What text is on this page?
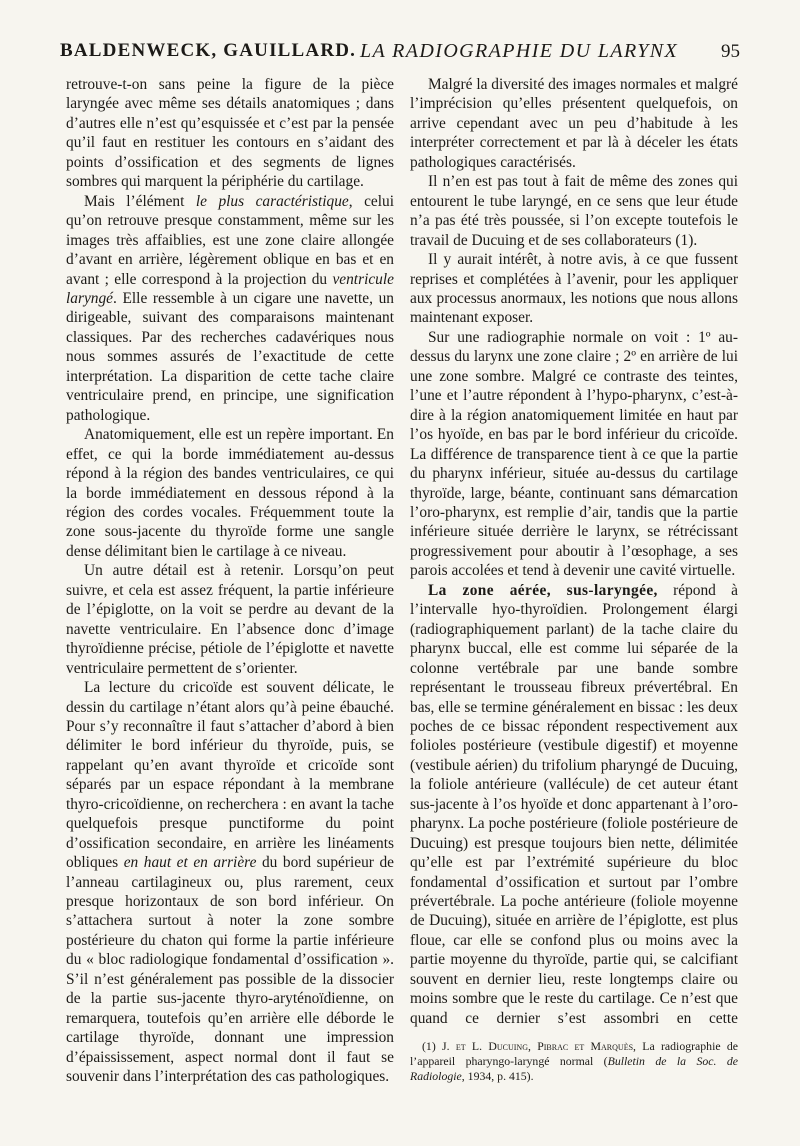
BALDENWECK, GAUILLARD. LA RADIOGRAPHIE DU LARYNX 95

retrouve-t-on sans peine la figure de la pièce laryngée avec même ses détails anatomiques ; dans d’autres elle n’est qu’esquissée et c’est par la pensée qu’il faut en restituer les contours en s’aidant des points d’ossification et des segments de lignes sombres qui marquent la périphérie du cartilage.

Mais l’élément le plus caractéristique, celui qu’on retrouve presque constamment, même sur les images très affaiblies, est une zone claire allongée d’avant en arrière, légèrement oblique en bas et en avant ; elle correspond à la projection du ventricule laryngé. Elle ressemble à un cigare une navette, un dirigeable, suivant des comparaisons maintenant classiques. Par des recherches cadavériques nous nous sommes assurés de l’exactitude de cette interprétation. La disparition de cette tache claire ventriculaire prend, en principe, une signification pathologique.

Anatomiquement, elle est un repère important. En effet, ce qui la borde immédiatement au-dessus répond à la région des bandes ventriculaires, ce qui la borde immédiatement en dessous répond à la région des cordes vocales. Fréquemment toute la zone sous-jacente du thyroïde forme une sangle dense délimitant bien le cartilage à ce niveau.

Un autre détail est à retenir. Lorsqu’on peut suivre, et cela est assez fréquent, la partie inférieure de l’épiglotte, on la voit se perdre au devant de la navette ventriculaire. En l’absence donc d’image thyroïdienne précise, pétiole de l’épiglotte et navette ventriculaire permettent de s’orienter.

La lecture du cricoïde est souvent délicate, le dessin du cartilage n’étant alors qu’à peine ébauché. Pour s’y reconnaître il faut s’attacher d’abord à bien délimiter le bord inférieur du thyroïde, puis, se rappelant qu’en avant thyroïde et cricoïde sont séparés par un espace répondant à la membrane thyro-cricoïdienne, on recherchera : en avant la tache quelquefois presque punctiforme du point d’ossification secondaire, en arrière les linéaments obliques en haut et en arrière du bord supérieur de l’anneau cartilagineux ou, plus rarement, ceux presque horizontaux de son bord inférieur. On s’attachera surtout à noter la zone sombre postérieure du chaton qui forme la partie inférieure du « bloc radiologique fondamental d’ossification ». S’il n’est généralement pas possible de la dissocier de la partie sus-jacente thyro-aryténoïdienne, on remarquera, toutefois qu’en arrière elle déborde le cartilage thyroïde, donnant une impression d’épaississement, aspect normal dont il faut se souvenir dans l’interprétation des cas pathologiques.

Malgré la diversité des images normales et malgré l’imprécision qu’elles présentent quelquefois, on arrive cependant avec un peu d’habitude à les interpréter correctement et par là à déceler les états pathologiques caractérisés.

Il n’en est pas tout à fait de même des zones qui entourent le tube laryngé, en ce sens que leur étude n’a pas été très poussée, si l’on excepte toutefois le travail de Ducuing et de ses collaborateurs (1).

Il y aurait intérêt, à notre avis, à ce que fussent reprises et complétées à l’avenir, pour les appliquer aux processus anormaux, les notions que nous allons maintenant exposer.

Sur une radiographie normale on voit : 1º au-dessus du larynx une zone claire ; 2º en arrière de lui une zone sombre. Malgré ce contraste des teintes, l’une et l’autre répondent à l’hypo-pharynx, c’est-à-dire à la région anatomiquement limitée en haut par l’os hyoïde, en bas par le bord inférieur du cricoïde. La différence de transparence tient à ce que la partie du pharynx inférieur, située au-dessus du cartilage thyroïde, large, béante, continuant sans démarcation l’oro-pharynx, est remplie d’air, tandis que la partie inférieure située derrière le larynx, se rétrécissant progressivement pour aboutir à l’œsophage, a ses parois accolées et tend à devenir une cavité virtuelle.

La zone aérée, sus-laryngée, répond à l’intervalle hyo-thyroïdien. Prolongement élargi (radiographiquement parlant) de la tache claire du pharynx buccal, elle est comme lui séparée de la colonne vertébrale par une bande sombre représentant le trousseau fibreux prévertébral. En bas, elle se termine généralement en bissac : les deux poches de ce bissac répondent respectivement aux folioles postérieure (vestibule digestif) et moyenne (vestibule aérien) du trifolium pharyngé de Ducuing, la foliole antérieure (vallécule) de cet auteur étant sus-jacente à l’os hyoïde et donc appartenant à l’oro-pharynx. La poche postérieure (foliole postérieure de Ducuing) est presque toujours bien nette, délimitée qu’elle est par l’extrémité supérieure du bloc fondamental d’ossification et surtout par l’ombre prévertébrale. La poche antérieure (foliole moyenne de Ducuing), située en arrière de l’épiglotte, est plus floue, car elle se confond plus ou moins avec la partie moyenne du thyroïde, partie qui, se calcifiant souvent en dernier lieu, reste longtemps claire ou moins sombre que le reste du cartilage. Ce n’est que quand ce dernier s’est assombri en cette

(1) J. et L. Ducuing, Pibrac et Marquès, La radiographie de l’appareil pharyngo-laryngé normal (Bulletin de la Soc. de Radiologie, 1934, p. 415).
